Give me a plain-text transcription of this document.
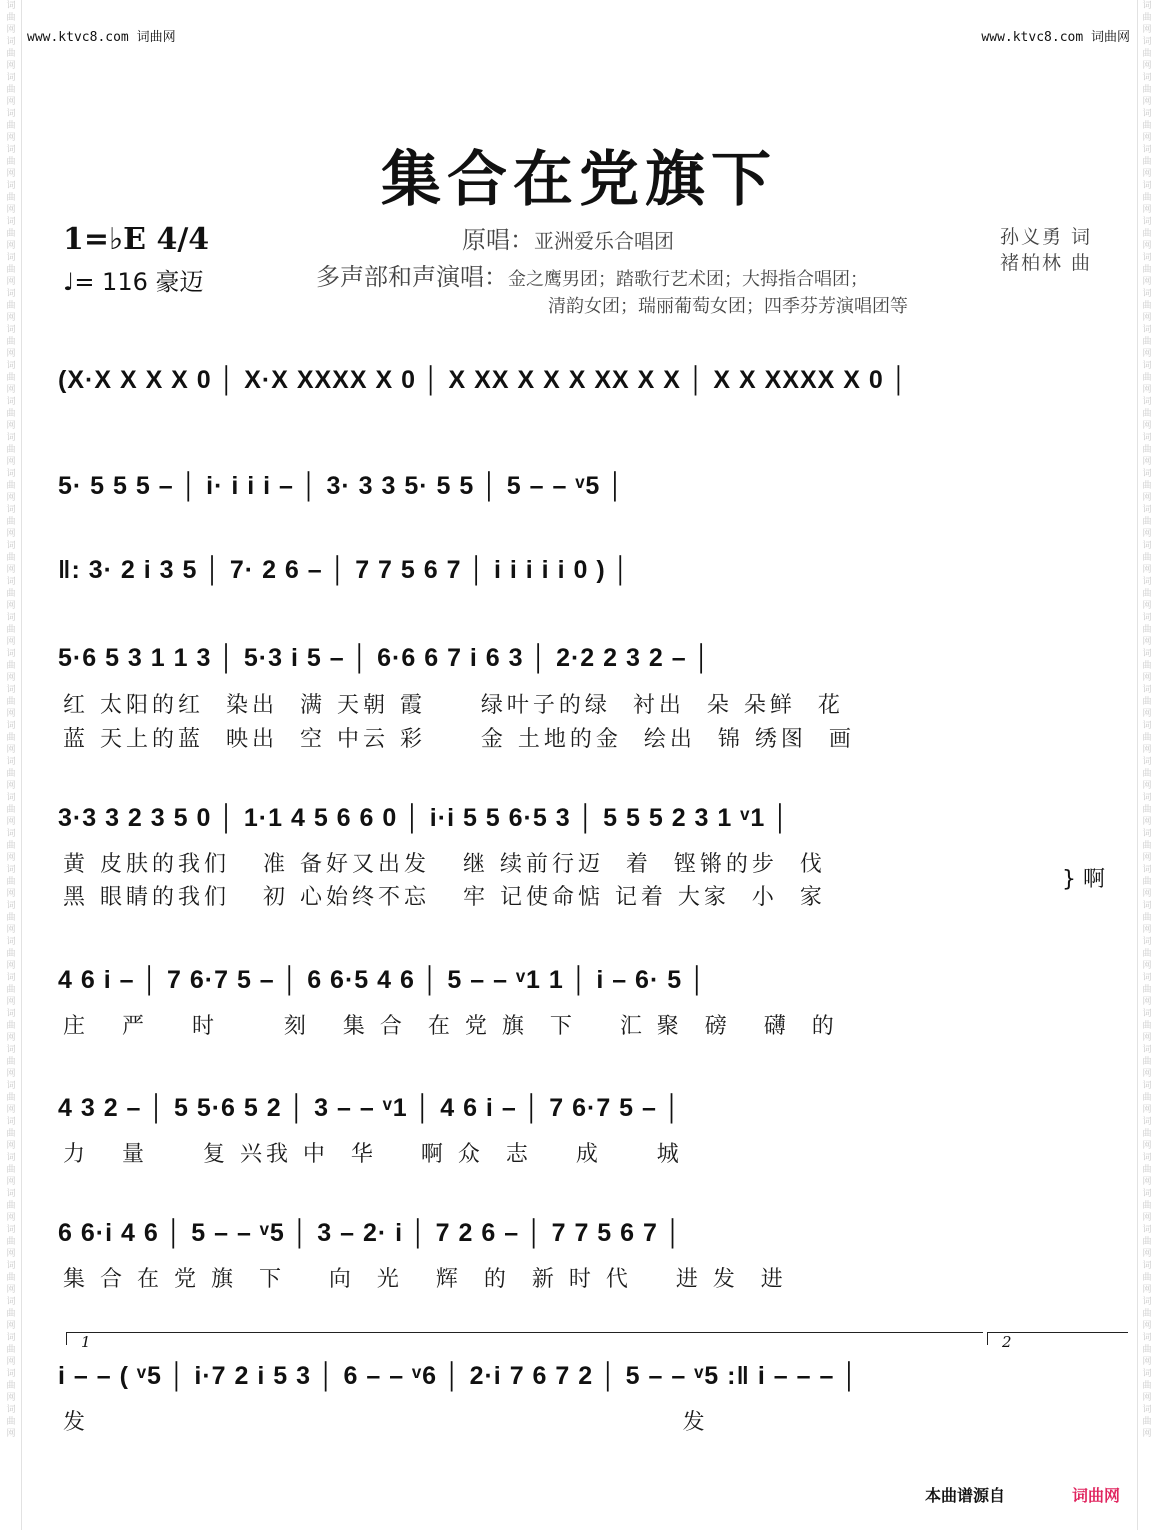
词曲网词曲网词曲网词曲网词曲网词曲网词曲网词曲网词曲网词曲网词曲网词曲网词曲网词曲网词曲网词曲网词曲网词曲网词曲网词曲网词曲网词曲网词曲网词曲网词曲网词曲网词曲网词曲网词曲网词曲网词曲网词曲网词曲网词曲网词曲网词曲网词曲网词曲网词曲网词曲网
词曲网词曲网词曲网词曲网词曲网词曲网词曲网词曲网词曲网词曲网词曲网词曲网词曲网词曲网词曲网词曲网词曲网词曲网词曲网词曲网词曲网词曲网词曲网词曲网词曲网词曲网词曲网词曲网词曲网词曲网词曲网词曲网词曲网词曲网词曲网词曲网词曲网词曲网词曲网词曲网
www.ktvc8.com 词曲网	www.ktvc8.com 词曲网
集合在党旗下
1=♭E 4/4
♩= 116 豪迈
原唱：亚洲爱乐合唱团
多声部和声演唱：金之鹰男团；踏歌行艺术团；大拇指合唱团；
清韵女团；瑞丽葡萄女团；四季芬芳演唱团等
孙义勇 词
褚柏林 曲
(X·X X X X 0 │ X·X XXXX X 0 │ X XX X X X XX X X │ X X XXXX X 0 │
5· 5 5 5 – │ i· i i i – │ 3· 3 3 5· 5 5 │ 5 – – ᵛ5 │
‖: 3· 2 i 3 5 │ 7· 2 6 – │ 7 7 5 6 7 │ i i i i i 0 ) │
5·6 5 3 1 1 3 │ 5·3 i 5 – │ 6·6 6 7 i 6 3 │ 2·2 2 3 2 – │
红 太阳的红  染出  满 天朝 霞     绿叶子的绿  衬出  朵 朵鲜  花
蓝 天上的蓝  映出  空 中云 彩     金 土地的金  绘出  锦 绣图  画
3·3 3 2 3 5 0 │ 1·1 4 5 6 6 0 │ i·i 5 5 6·5 3 │ 5 5 5 2 3 1 ᵛ1 │
黄 皮肤的我们   准 备好又出发   继 续前行迈  着  铿锵的步  伐
黑 眼睛的我们   初 心始终不忘   牢 记使命惦 记着 大家  小  家
} 啊
4 6 i – │ 7 6·7 5 – │ 6 6·5 4 6 │ 5 – – ᵛ1 1 │ i – 6· 5 │
庄   严    时      刻   集 合  在 党 旗  下    汇 聚  磅   礴  的
4 3 2 – │ 5 5·6 5 2 │ 3 – – ᵛ1 │ 4 6 i – │ 7 6·7 5 – │
力   量     复 兴我 中  华    啊 众  志    成     城
6 6·i 4 6 │ 5 – – ᵛ5 │ 3 – 2· i │ 7 2 6 – │ 7 7 5 6 7 │
集 合 在 党 旗  下    向  光   辉  的  新 时 代    进 发  进
1	2
i – – ( ᵛ5 │ i·7 2 i 5 3 │ 6 – – ᵛ6 │ 2·i 7 6 7 2 │ 5 – – ᵛ5 :‖ i – – – │
发                                                      发
本曲谱源自	词曲网
